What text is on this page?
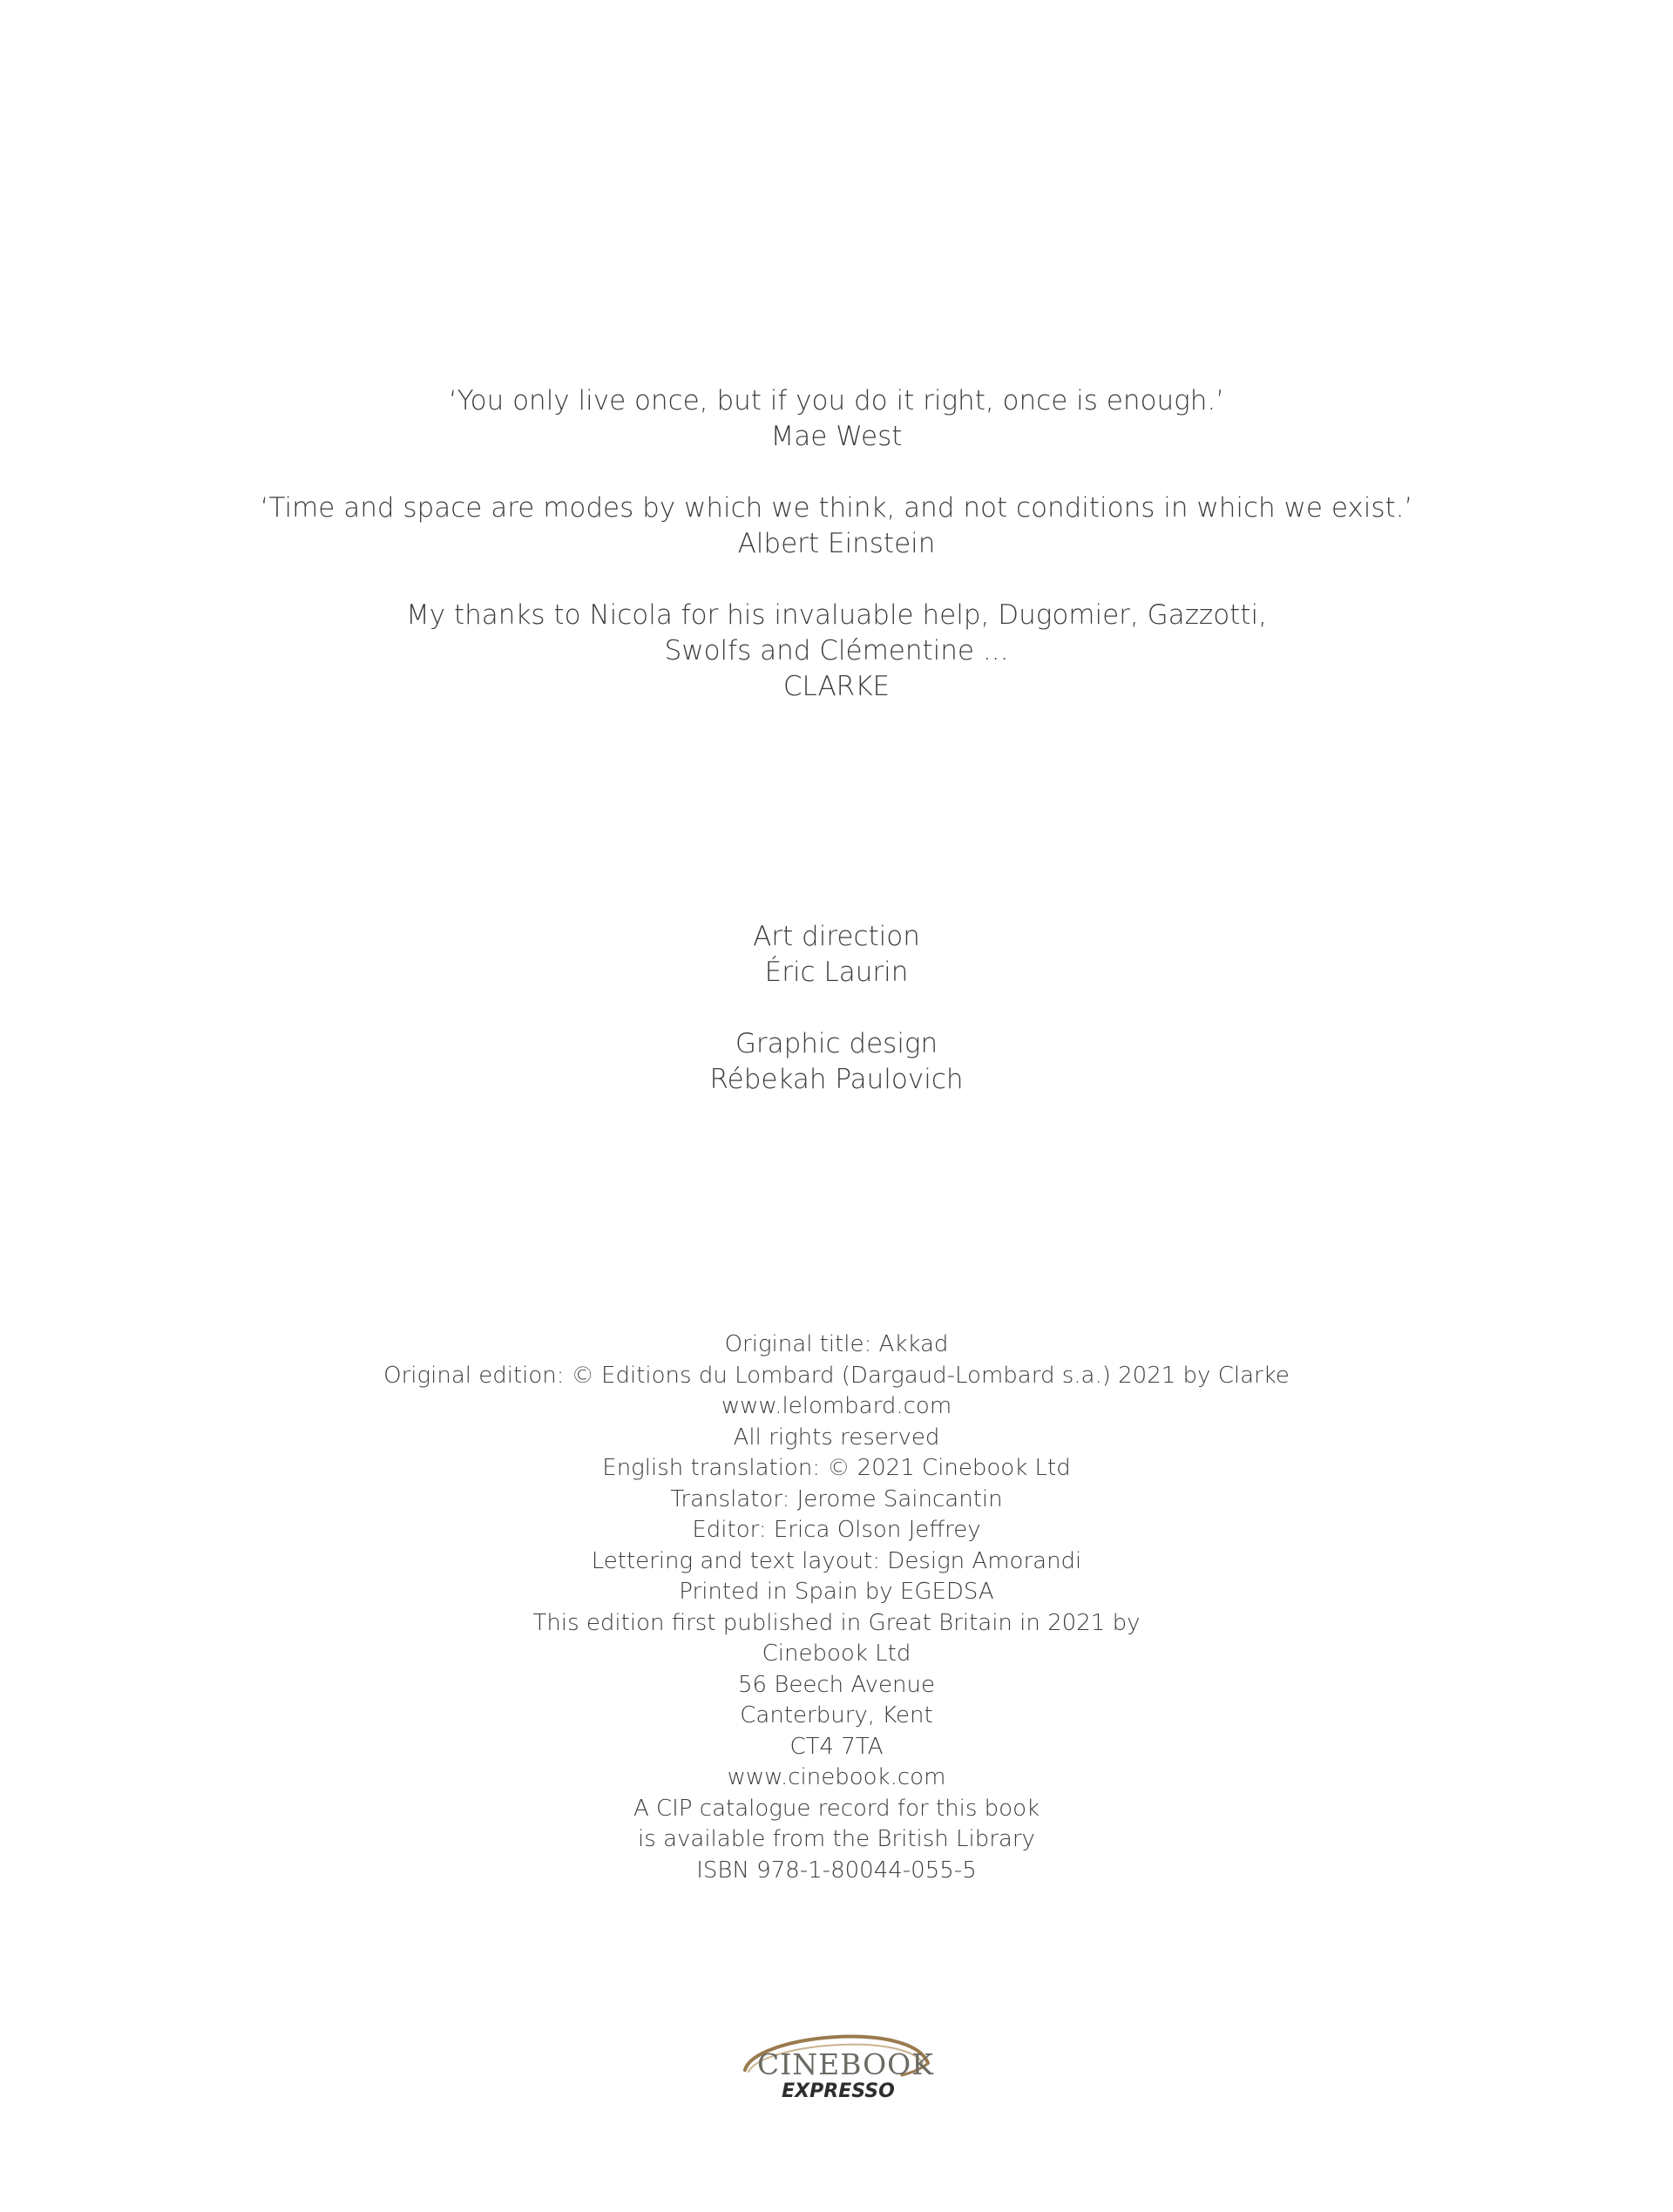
‘You only live once, but if you do it right, once is enough.’
Mae West
‘Time and space are modes by which we think, and not conditions in which we exist.’
Albert Einstein
My thanks to Nicola for his invaluable help, Dugomier, Gazzotti,
Swolfs and Clémentine ...
CLARKE
Art direction
Éric Laurin
Graphic design
Rébekah Paulovich
Original title: Akkad
Original edition: © Editions du Lombard (Dargaud-Lombard s.a.) 2021 by Clarke
www.lelombard.com
All rights reserved
English translation: © 2021 Cinebook Ltd
Translator: Jerome Saincantin
Editor: Erica Olson Jeffrey
Lettering and text layout: Design Amorandi
Printed in Spain by EGEDSA
This edition first published in Great Britain in 2021 by
Cinebook Ltd
56 Beech Avenue
Canterbury, Kent
CT4 7TA
www.cinebook.com
A CIP catalogue record for this book
is available from the British Library
ISBN 978-1-80044-055-5
CINEBOOK
EXPRESSO
